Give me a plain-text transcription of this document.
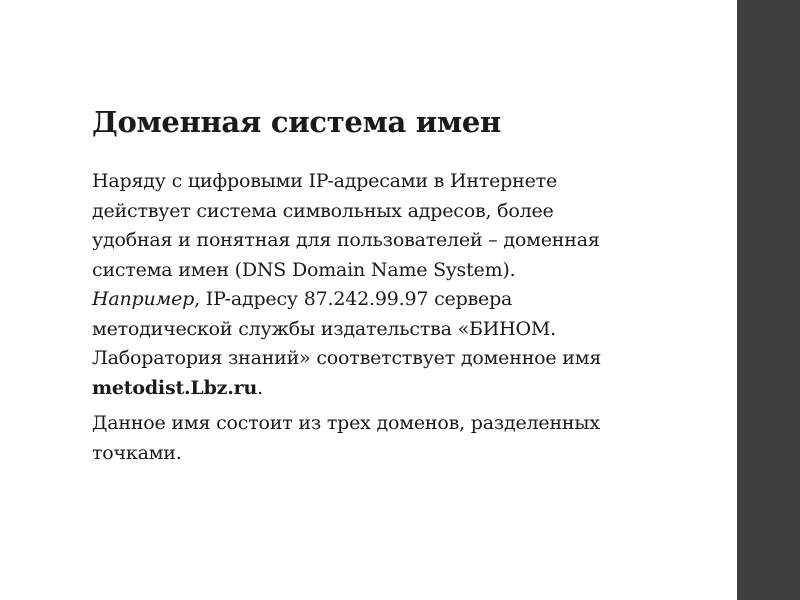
Доменная система имен

Наряду с цифровыми IP-адресами в Интернете
действует система символьных адресов, более
удобная и понятная для пользователей – доменная
система имен (DNS Domain Name System).
Например, IP-адресу 87.242.99.97 сервера
методической службы издательства «БИНОМ.
Лаборатория знаний» соответствует доменное имя
metodist.Lbz.ru.

Данное имя состоит из трех доменов, разделенных
точками.
